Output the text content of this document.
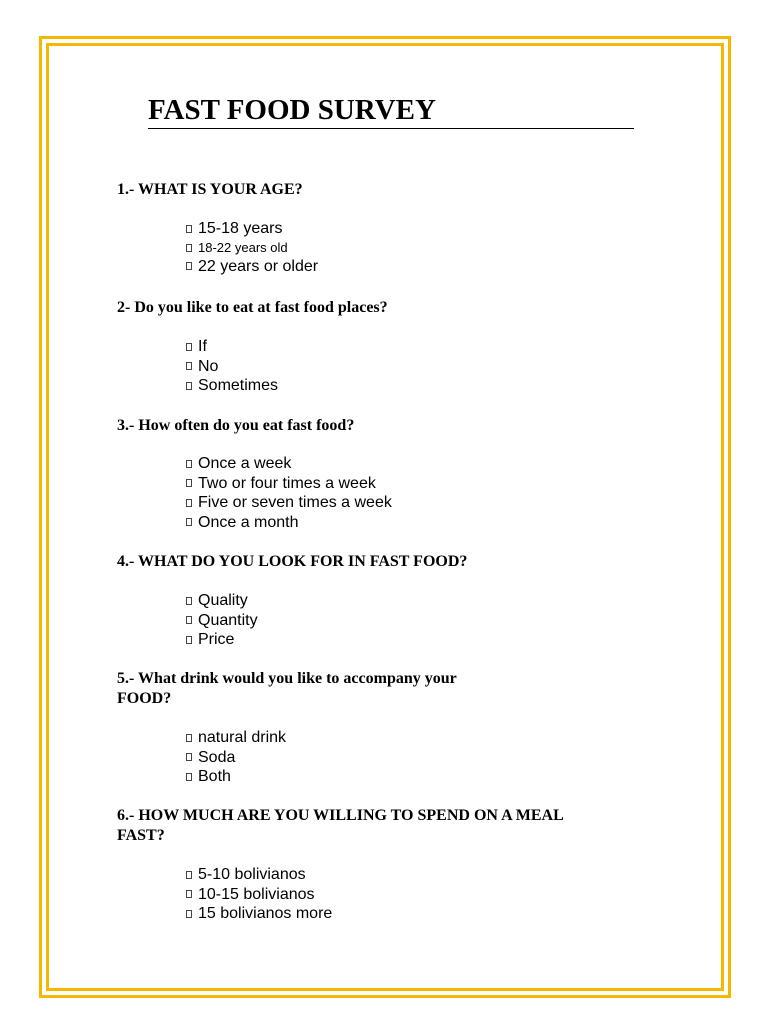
FAST FOOD SURVEY

1.- WHAT IS YOUR AGE?

15-18 years
18-22 years old
22 years or older

2- Do you like to eat at fast food places?

If
No
Sometimes

3.- How often do you eat fast food?

Once a week
Two or four times a week
Five or seven times a week
Once a month

4.- WHAT DO YOU LOOK FOR IN FAST FOOD?

Quality
Quantity
Price

5.- What drink would you like to accompany your
FOOD?

natural drink
Soda
Both

6.- HOW MUCH ARE YOU WILLING TO SPEND ON A MEAL
FAST?

5-10 bolivianos
10-15 bolivianos
15 bolivianos more
